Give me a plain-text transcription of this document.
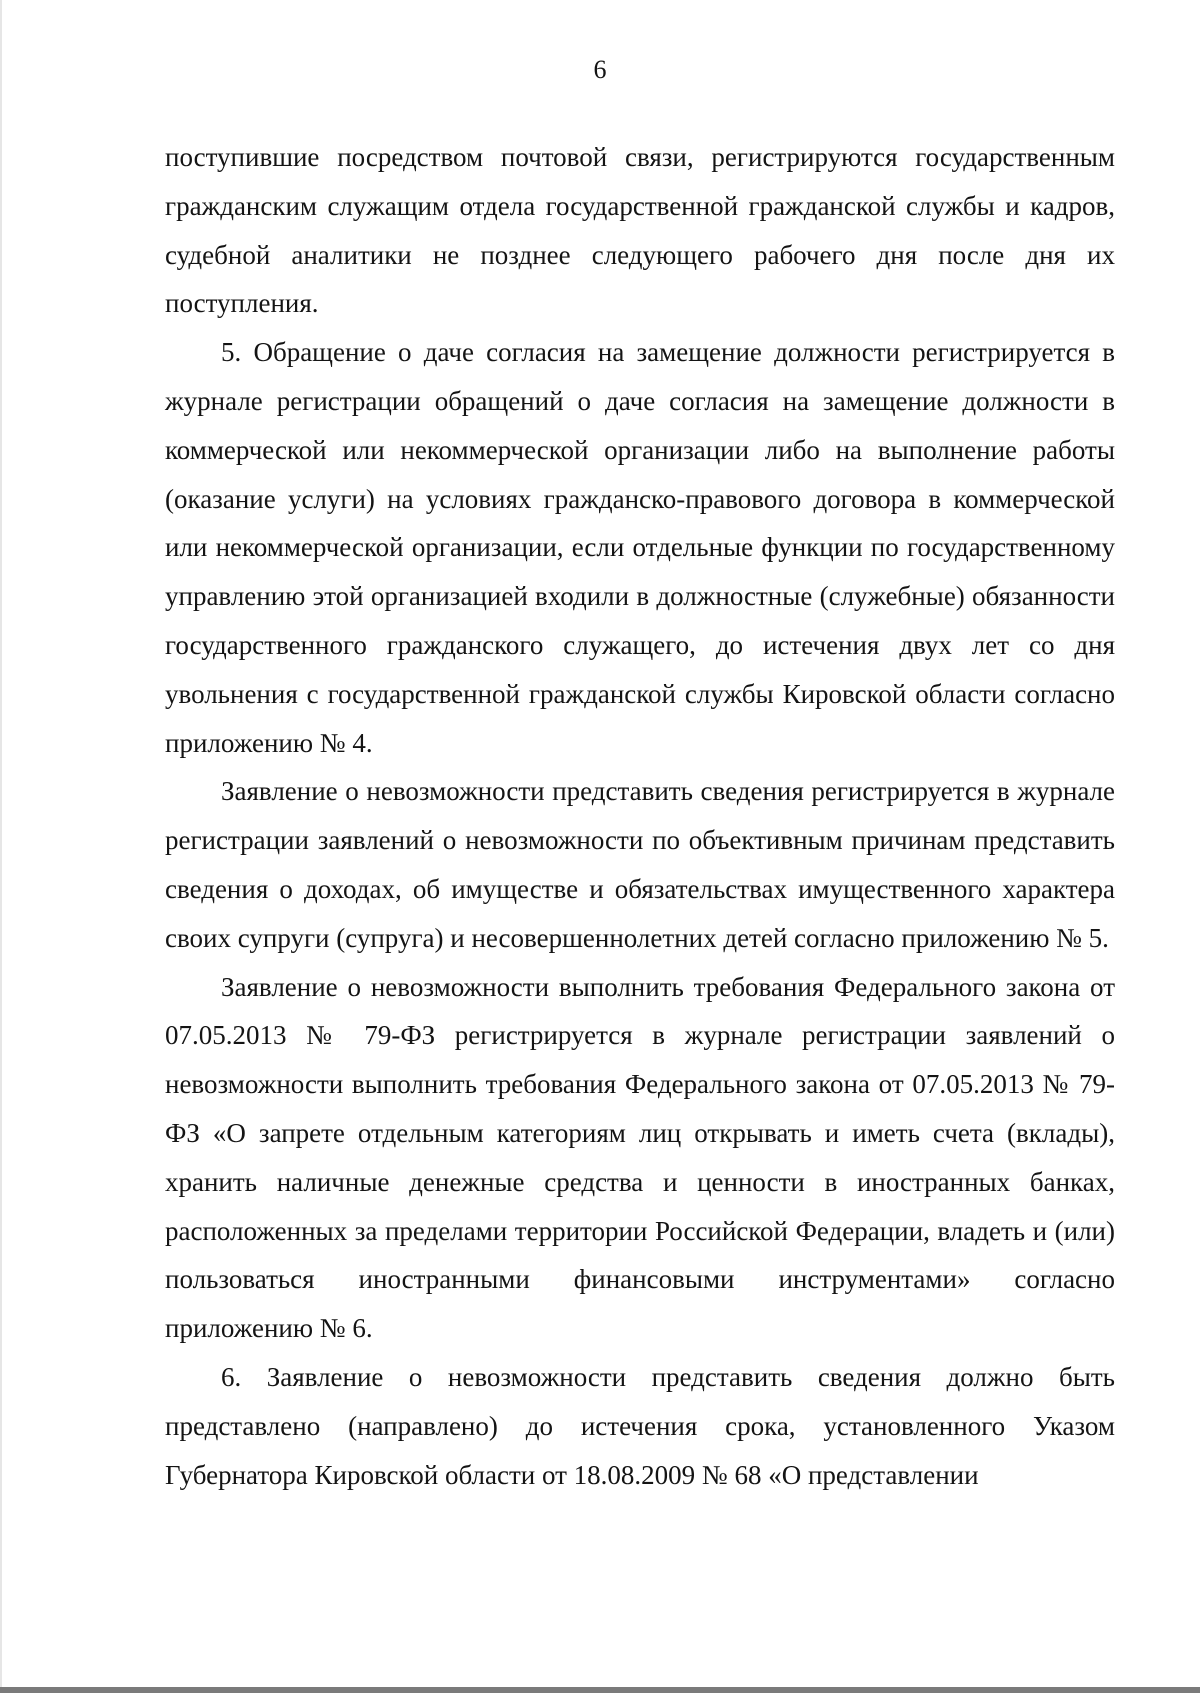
6

поступившие посредством почтовой связи, регистрируются государственным гражданским служащим отдела государственной гражданской службы и кадров, судебной аналитики не позднее следующего рабочего дня после дня их поступления.

5. Обращение о даче согласия на замещение должности регистрируется в журнале регистрации обращений о даче согласия на замещение должности в коммерческой или некоммерческой организации либо на выполнение работы (оказание услуги) на условиях гражданско-правового договора в коммерческой или некоммерческой организации, если отдельные функции по государственному управлению этой организацией входили в должностные (служебные) обязанности государственного гражданского служащего, до истечения двух лет со дня увольнения с государственной гражданской службы Кировской области согласно приложению № 4.

Заявление о невозможности представить сведения регистрируется в журнале регистрации заявлений о невозможности по объективным причинам представить сведения о доходах, об имуществе и обязательствах имущественного характера своих супруги (супруга) и несовершеннолетних детей согласно приложению № 5.

Заявление о невозможности выполнить требования Федерального закона от 07.05.2013 № 79-ФЗ регистрируется в журнале регистрации заявлений о невозможности выполнить требования Федерального закона от 07.05.2013 № 79-ФЗ «О запрете отдельным категориям лиц открывать и иметь счета (вклады), хранить наличные денежные средства и ценности в иностранных банках, расположенных за пределами территории Российской Федерации, владеть и (или) пользоваться иностранными финансовыми инструментами» согласно приложению № 6.

6. Заявление о невозможности представить сведения должно быть представлено (направлено) до истечения срока, установленного Указом Губернатора Кировской области от 18.08.2009 № 68 «О представлении
